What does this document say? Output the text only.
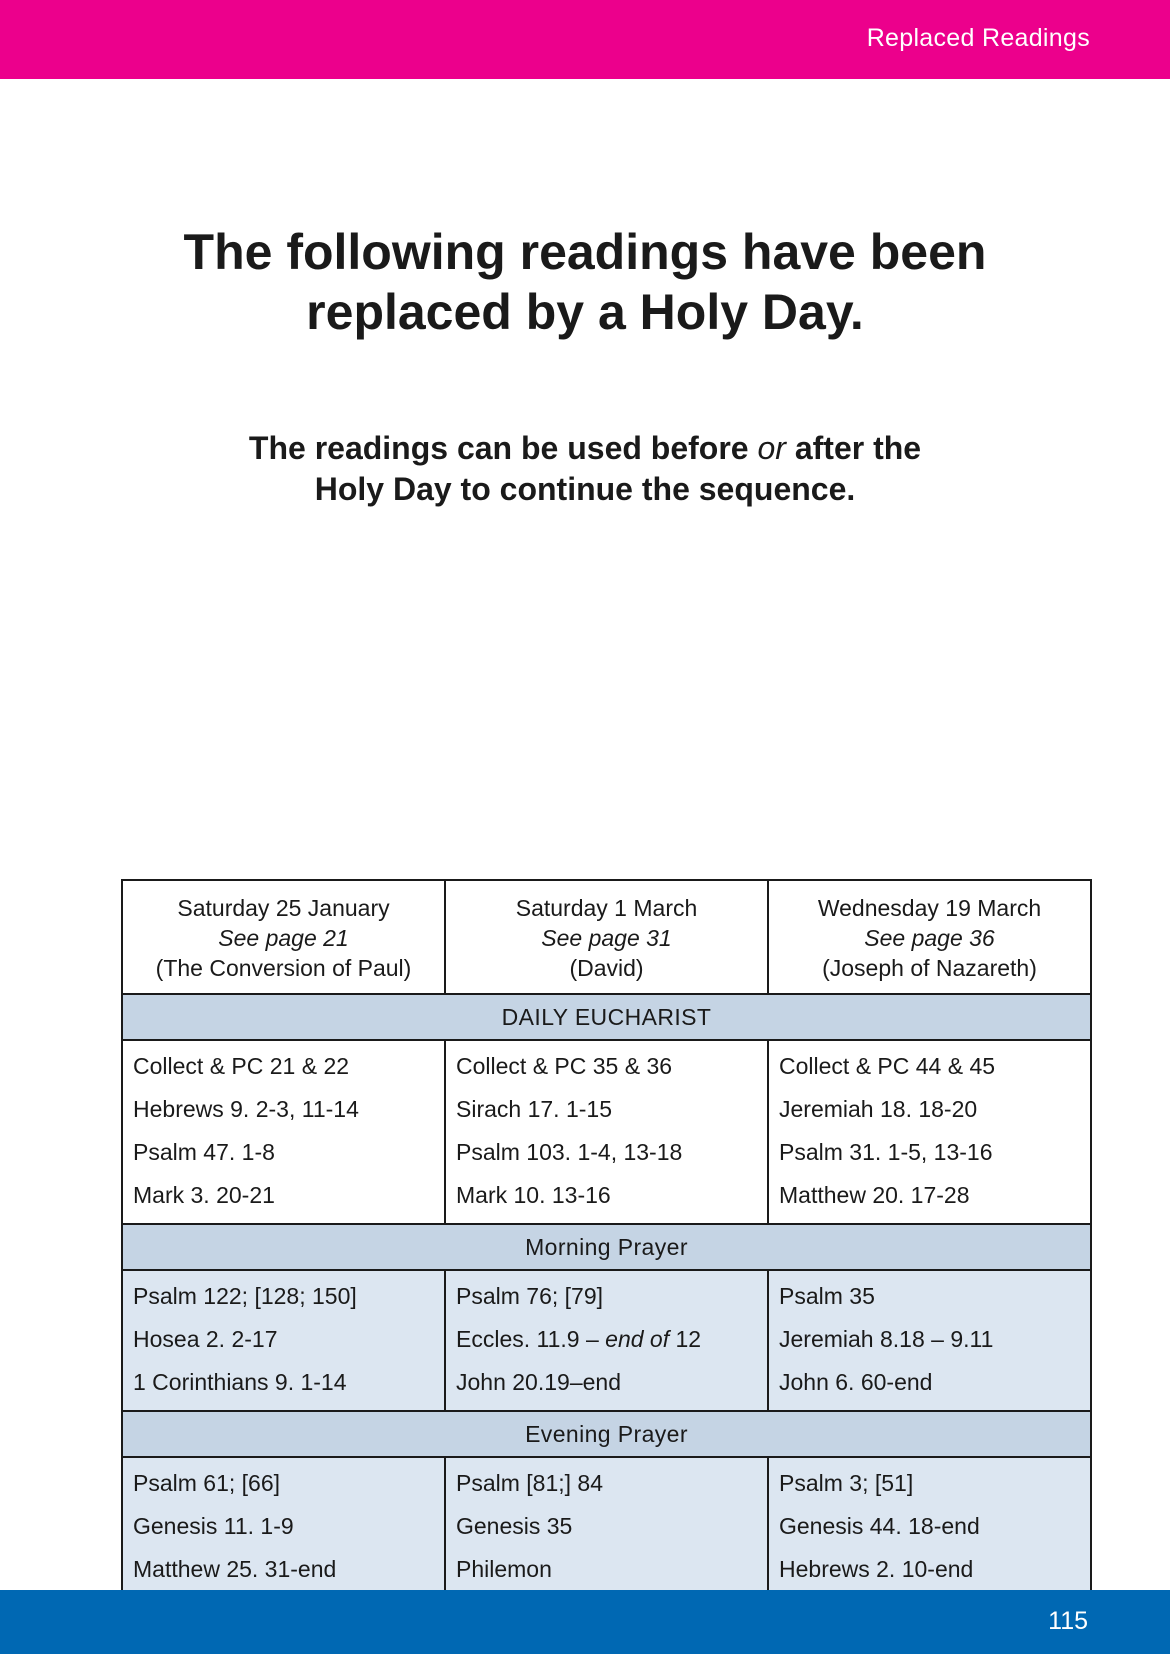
Replaced Readings
The following readings have been
replaced by a Holy Day.
The readings can be used before or after the
Holy Day to continue the sequence.
Saturday 25 January
See page 21
(The Conversion of Paul)	Saturday 1 March
See page 31
(David)	Wednesday 19 March
See page 36
(Joseph of Nazareth)

DAILY EUCHARIST		

Collect & PC 21 & 22
Hebrews 9. 2-3, 11-14
Psalm 47. 1-8
Mark 3. 20-21	Collect & PC 35 & 36
Sirach 17. 1-15
Psalm 103. 1-4, 13-18
Mark 10. 13-16	Collect & PC 44 & 45
Jeremiah 18. 18-20
Psalm 31. 1-5, 13-16
Matthew 20. 17-28

Morning Prayer		

Psalm 122; [128; 150]
Hosea 2. 2-17
1 Corinthians 9. 1-14	Psalm 76; [79]
Eccles. 11.9 – end of 12
John 20.19–end	Psalm 35
Jeremiah 8.18 – 9.11
John 6. 60-end

Evening Prayer		

Psalm 61; [66]
Genesis 11. 1-9
Matthew 25. 31-end	Psalm [81;] 84
Genesis 35
Philemon	Psalm 3; [51]
Genesis 44. 18-end
Hebrews 2. 10-end
115
